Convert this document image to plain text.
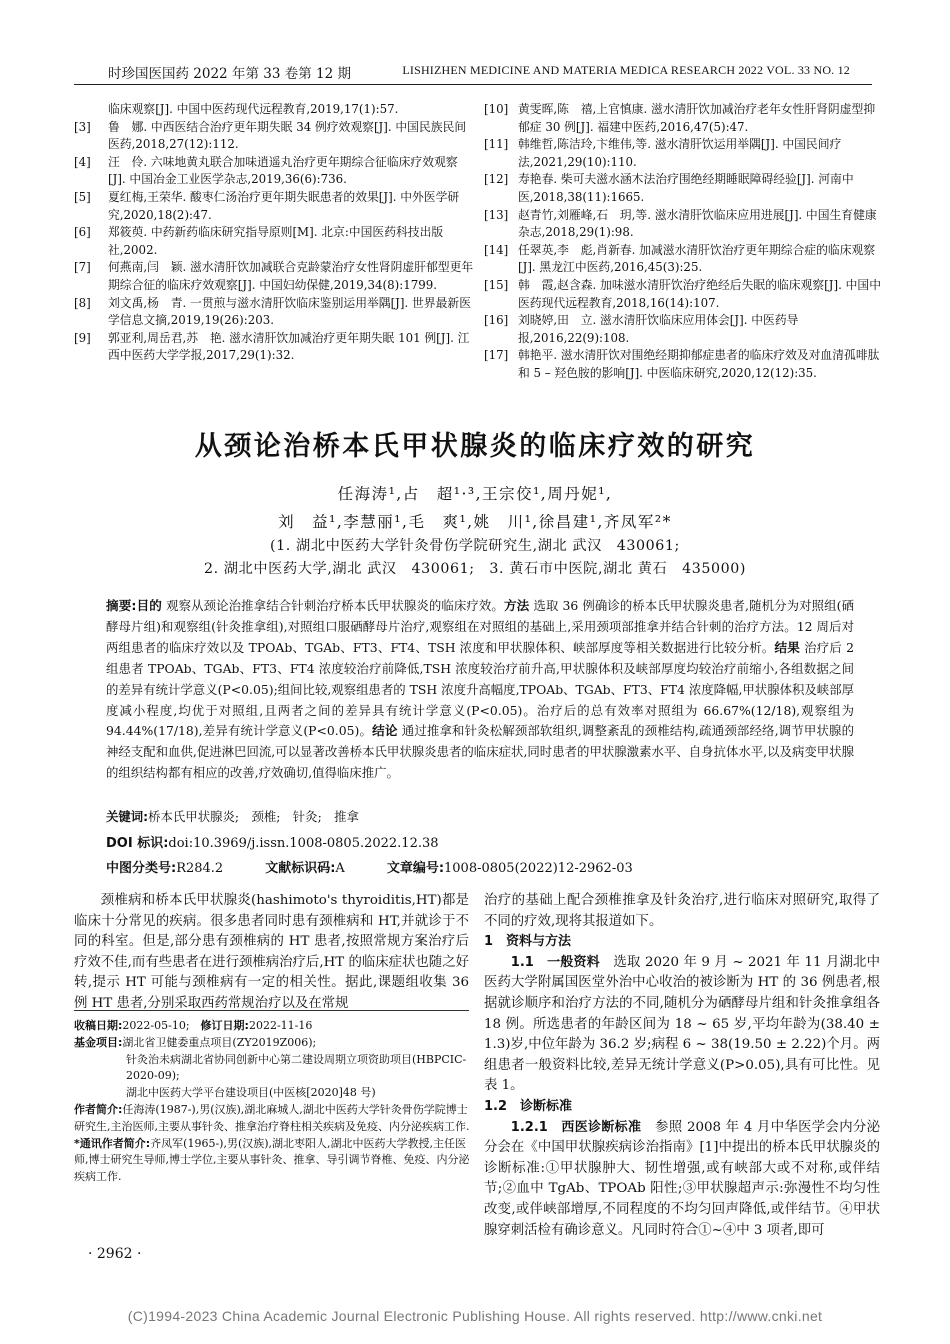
时珍国医国药 2022 年第 33 卷第 12 期	LISHIZHEN MEDICINE AND MATERIA MEDICA RESEARCH 2022 VOL. 33 NO. 12
临床观察[J]. 中国中医药现代远程教育,2019,17(1):57.
[3]	鲁　娜. 中西医结合治疗更年期失眠 34 例疗效观察[J]. 中国民族民间医药,2018,27(12):112.
[4]	汪　伶. 六味地黄丸联合加味逍遥丸治疗更年期综合征临床疗效观察[J]. 中国冶金工业医学杂志,2019,36(6):736.
[5]	夏红梅,王荣华. 酸枣仁汤治疗更年期失眠患者的效果[J]. 中外医学研究,2020,18(2):47.
[6]	郑筱萸. 中药新药临床研究指导原则[M]. 北京:中国医药科技出版社,2002.
[7]	何燕南,闫　颖. 滋水清肝饮加减联合克龄蒙治疗女性肾阴虚肝郁型更年期综合征的临床疗效观察[J]. 中国妇幼保健,2019,34(8):1799.
[8]	刘文禹,杨　青. 一贯煎与滋水清肝饮临床鉴别运用举隅[J]. 世界最新医学信息文摘,2019,19(26):203.
[9]	郭亚利,周岳君,苏　艳. 滋水清肝饮加减治疗更年期失眠 101 例[J]. 江西中医药大学学报,2017,29(1):32.
[10] 黄雯晖,陈　禧,上官慎康. 滋水清肝饮加减治疗老年女性肝肾阴虚型抑郁症 30 例[J]. 福建中医药,2016,47(5):47.
[11] 韩维哲,陈洁玲,卞维伟,等. 滋水清肝饮运用举隅[J]. 中国民间疗法,2021,29(10):110.
[12] 寿艳春. 柴可夫滋水涵木法治疗围绝经期睡眠障碍经验[J]. 河南中医,2018,38(11):1665.
[13] 赵青竹,刘雁峰,石　玥,等. 滋水清肝饮临床应用进展[J]. 中国生育健康杂志,2018,29(1):98.
[14] 任翠英,李　彪,肖新春. 加减滋水清肝饮治疗更年期综合症的临床观察[J]. 黑龙江中医药,2016,45(3):25.
[15] 韩　霞,赵含森. 加味滋水清肝饮治疗绝经后失眠的临床观察[J]. 中国中医药现代远程教育,2018,16(14):107.
[16] 刘晓婷,田　立. 滋水清肝饮临床应用体会[J]. 中医药导报,2016,22(9):108.
[17] 韩艳平. 滋水清肝饮对围绝经期抑郁症患者的临床疗效及对血清孤啡肽和 5 – 羟色胺的影响[J]. 中医临床研究,2020,12(12):35.
从颈论治桥本氏甲状腺炎的临床疗效的研究
任海涛¹,占　超¹·³,王宗佼¹,周丹妮¹,
刘　益¹,李慧丽¹,毛　爽¹,姚　川¹,徐昌建¹,齐凤军²*
(1. 湖北中医药大学针灸骨伤学院研究生,湖北 武汉　430061;
2. 湖北中医药大学,湖北 武汉　430061;　3. 黄石市中医院,湖北 黄石　435000)
摘要:目的 观察从颈论治推拿结合针刺治疗桥本氏甲状腺炎的临床疗效。方法 选取 36 例确诊的桥本氏甲状腺炎患者,随机分为对照组(硒酵母片组)和观察组(针灸推拿组),对照组口服硒酵母片治疗,观察组在对照组的基础上,采用颈项部推拿并结合针刺的治疗方法。12 周后对两组患者的临床疗效以及 TPOAb、TGAb、FT3、FT4、TSH 浓度和甲状腺体积、峡部厚度等相关数据进行比较分析。结果 治疗后 2 组患者 TPOAb、TGAb、FT3、FT4 浓度较治疗前降低,TSH 浓度较治疗前升高,甲状腺体积及峡部厚度均较治疗前缩小,各组数据之间的差异有统计学意义(P<0.05);组间比较,观察组患者的 TSH 浓度升高幅度,TPOAb、TGAb、FT3、FT4 浓度降幅,甲状腺体积及峡部厚度减小程度,均优于对照组,且两者之间的差异具有统计学意义(P<0.05)。治疗后的总有效率对照组为 66.67%(12/18),观察组为 94.44%(17/18),差异有统计学意义(P<0.05)。结论 通过推拿和针灸松解颈部软组织,调整紊乱的颈椎结构,疏通颈部经络,调节甲状腺的神经支配和血供,促进淋巴回流,可以显著改善桥本氏甲状腺炎患者的临床症状,同时患者的甲状腺激素水平、自身抗体水平,以及病变甲状腺的组织结构都有相应的改善,疗效确切,值得临床推广。
关键词:桥本氏甲状腺炎;　颈椎;　针灸;　推拿
DOI 标识:doi:10.3969/j.issn.1008-0805.2022.12.38
中图分类号:R284.2	文献标识码:A	文章编号:1008-0805(2022)12-2962-03

颈椎病和桥本氏甲状腺炎(hashimoto's thyroiditis,HT)都是临床十分常见的疾病。很多患者同时患有颈椎病和 HT,并就诊于不同的科室。但是,部分患有颈椎病的 HT 患者,按照常规方案治疗后疗效不佳,而有些患者在进行颈椎病治疗后,HT 的临床症状也随之好转,提示 HT 可能与颈椎病有一定的相关性。据此,课题组收集 36 例 HT 患者,分别采取西药常规治疗以及在常规

收稿日期:2022-05-10;　 修订日期:2022-11-16

基金项目:湖北省卫健委重点项目(ZY2019Z006);

针灸治未病湖北省协同创新中心第二建设周期立项资助项目(HBPCIC-2020-09);

湖北中医药大学平台建设项目(中医核[2020]48 号)

作者简介:任海涛(1987-),男(汉族),湖北麻城人,湖北中医药大学针灸骨伤学院博士研究生,主治医师,主要从事针灸、推拿治疗脊柱相关疾病及免疫、内分泌疾病工作.

*通讯作者简介:齐凤军(1965-),男(汉族),湖北枣阳人,湖北中医药大学教授,主任医师,博士研究生导师,博士学位,主要从事针灸、推拿、导引调节脊椎、免疫、内分泌疾病工作.

治疗的基础上配合颈椎推拿及针灸治疗,进行临床对照研究,取得了不同的疗效,现将其报道如下。

1　资料与方法

1.1　一般资料　选取 2020 年 9 月 ~ 2021 年 11 月湖北中医药大学附属国医堂外治中心收治的被诊断为 HT 的 36 例患者,根据就诊顺序和治疗方法的不同,随机分为硒酵母片组和针灸推拿组各 18 例。所选患者的年龄区间为 18 ~ 65 岁,平均年龄为(38.40 ± 1.3)岁,中位年龄为 36.2 岁;病程 6 ~ 38(19.50 ± 2.22)个月。两组患者一般资料比较,差异无统计学意义(P>0.05),具有可比性。见表 1。

1.2　诊断标准

1.2.1　西医诊断标准　参照 2008 年 4 月中华医学会内分泌分会在《中国甲状腺疾病诊治指南》[1]中提出的桥本氏甲状腺炎的诊断标准:①甲状腺肿大、韧性增强,或有峡部大或不对称,或伴结节;②血中 TgAb、TPOAb 阳性;③甲状腺超声示:弥漫性不均匀性改变,或伴峡部增厚,不同程度的不均匀回声降低,或伴结节。④甲状腺穿刺活检有确诊意义。凡同时符合①~④中 3 项者,即可

· 2962 ·
(C)1994-2023 China Academic Journal Electronic Publishing House. All rights reserved. http://www.cnki.net
